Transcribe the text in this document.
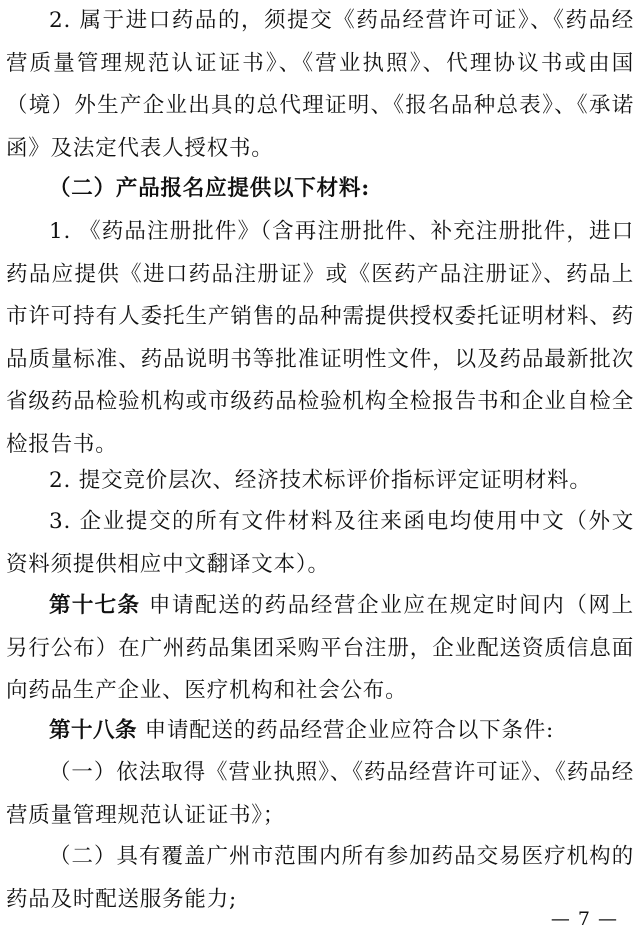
2. 属于进口药品的，须提交《药品经营许可证》、《药品经营质量管理规范认证证书》、《营业执照》、代理协议书或由国（境）外生产企业出具的总代理证明、《报名品种总表》、《承诺函》及法定代表人授权书。

（二）产品报名应提供以下材料:

1. 《药品注册批件》（含再注册批件、补充注册批件，进口药品应提供《进口药品注册证》或《医药产品注册证》、药品上市许可持有人委托生产销售的品种需提供授权委托证明材料、药品质量标准、药品说明书等批准证明性文件，以及药品最新批次省级药品检验机构或市级药品检验机构全检报告书和企业自检全检报告书。

2. 提交竞价层次、经济技术标评价指标评定证明材料。

3. 企业提交的所有文件材料及往来函电均使用中文（外文资料须提供相应中文翻译文本）。

第十七条 申请配送的药品经营企业应在规定时间内（网上另行公布）在广州药品集团采购平台注册，企业配送资质信息面向药品生产企业、医疗机构和社会公布。

第十八条 申请配送的药品经营企业应符合以下条件:

（一）依法取得《营业执照》、《药品经营许可证》、《药品经营质量管理规范认证证书》；

（二）具有覆盖广州市范围内所有参加药品交易医疗机构的药品及时配送服务能力;

— 7 —
